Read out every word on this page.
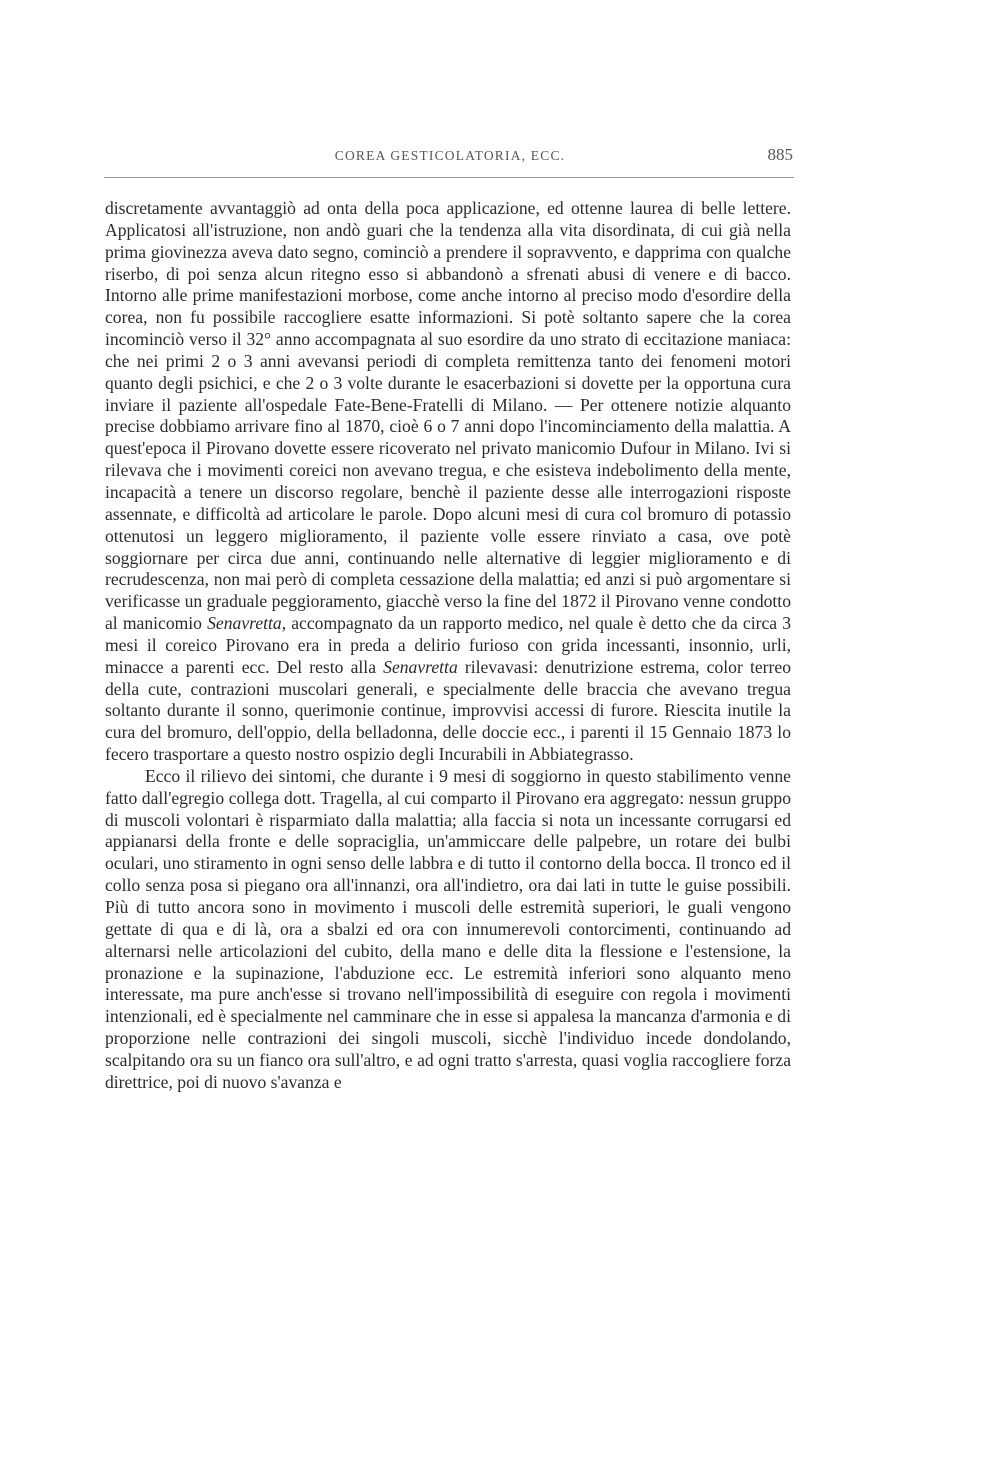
COREA GESTICOLATORIA, ECC.	885

discretamente avvantaggiò ad onta della poca applicazione, ed ottenne laurea di belle lettere. Applicatosi all'istruzione, non andò guari che la tendenza alla vita disordinata, di cui già nella prima giovinezza aveva dato segno, cominciò a prendere il sopravvento, e dapprima con qualche riserbo, di poi senza alcun ritegno esso si abbandonò a sfrenati abusi di venere e di bacco. Intorno alle prime manifestazioni morbose, come anche intorno al preciso modo d'esordire della corea, non fu possibile raccogliere esatte informazioni. Si potè soltanto sapere che la corea incominciò verso il 32° anno accompagnata al suo esordire da uno strato di eccitazione maniaca: che nei primi 2 o 3 anni avevansi periodi di completa remittenza tanto dei fenomeni motori quanto degli psichici, e che 2 o 3 volte durante le esacerbazioni si dovette per la opportuna cura inviare il paziente all'ospedale Fate-Bene-Fratelli di Milano. — Per ottenere notizie alquanto precise dobbiamo arrivare fino al 1870, cioè 6 o 7 anni dopo l'incominciamento della malattia. A quest'epoca il Pirovano dovette essere ricoverato nel privato manicomio Dufour in Milano. Ivi si rilevava che i movimenti coreici non avevano tregua, e che esisteva indebolimento della mente, incapacità a tenere un discorso regolare, benchè il paziente desse alle interrogazioni risposte assennate, e difficoltà ad articolare le parole. Dopo alcuni mesi di cura col bromuro di potassio ottenutosi un leggero miglioramento, il paziente volle essere rinviato a casa, ove potè soggiornare per circa due anni, continuando nelle alternative di leggier miglioramento e di recrudescenza, non mai però di completa cessazione della malattia; ed anzi si può argomentare si verificasse un graduale peggioramento, giacchè verso la fine del 1872 il Pirovano venne condotto al manicomio Senavretta, accompagnato da un rapporto medico, nel quale è detto che da circa 3 mesi il coreico Pirovano era in preda a delirio furioso con grida incessanti, insonnio, urli, minacce a parenti ecc. Del resto alla Senavretta rilevavasi: denutrizione estrema, color terreo della cute, contrazioni muscolari generali, e specialmente delle braccia che avevano tregua soltanto durante il sonno, querimonie continue, improvvisi accessi di furore. Riescita inutile la cura del bromuro, dell'oppio, della belladonna, delle doccie ecc., i parenti il 15 Gennaio 1873 lo fecero trasportare a questo nostro ospizio degli Incurabili in Abbiategrasso.

Ecco il rilievo dei sintomi, che durante i 9 mesi di soggiorno in questo stabilimento venne fatto dall'egregio collega dott. Tragella, al cui comparto il Pirovano era aggregato: nessun gruppo di muscoli volontari è risparmiato dalla malattia; alla faccia si nota un incessante corrugarsi ed appianarsi della fronte e delle sopraciglia, un'ammiccare delle palpebre, un rotare dei bulbi oculari, uno stiramento in ogni senso delle labbra e di tutto il contorno della bocca. Il tronco ed il collo senza posa si piegano ora all'innanzi, ora all'indietro, ora dai lati in tutte le guise possibili. Più di tutto ancora sono in movimento i muscoli delle estremità superiori, le guali vengono gettate di qua e di là, ora a sbalzi ed ora con innumerevoli contorcimenti, continuando ad alternarsi nelle articolazioni del cubito, della mano e delle dita la flessione e l'estensione, la pronazione e la supinazione, l'abduzione ecc. Le estremità inferiori sono alquanto meno interessate, ma pure anch'esse si trovano nell'impossibilità di eseguire con regola i movimenti intenzionali, ed è specialmente nel camminare che in esse si appalesa la mancanza d'armonia e di proporzione nelle contrazioni dei singoli muscoli, sicchè l'individuo incede dondolando, scalpitando ora su un fianco ora sull'altro, e ad ogni tratto s'arresta, quasi voglia raccogliere forza direttrice, poi di nuovo s'avanza e
